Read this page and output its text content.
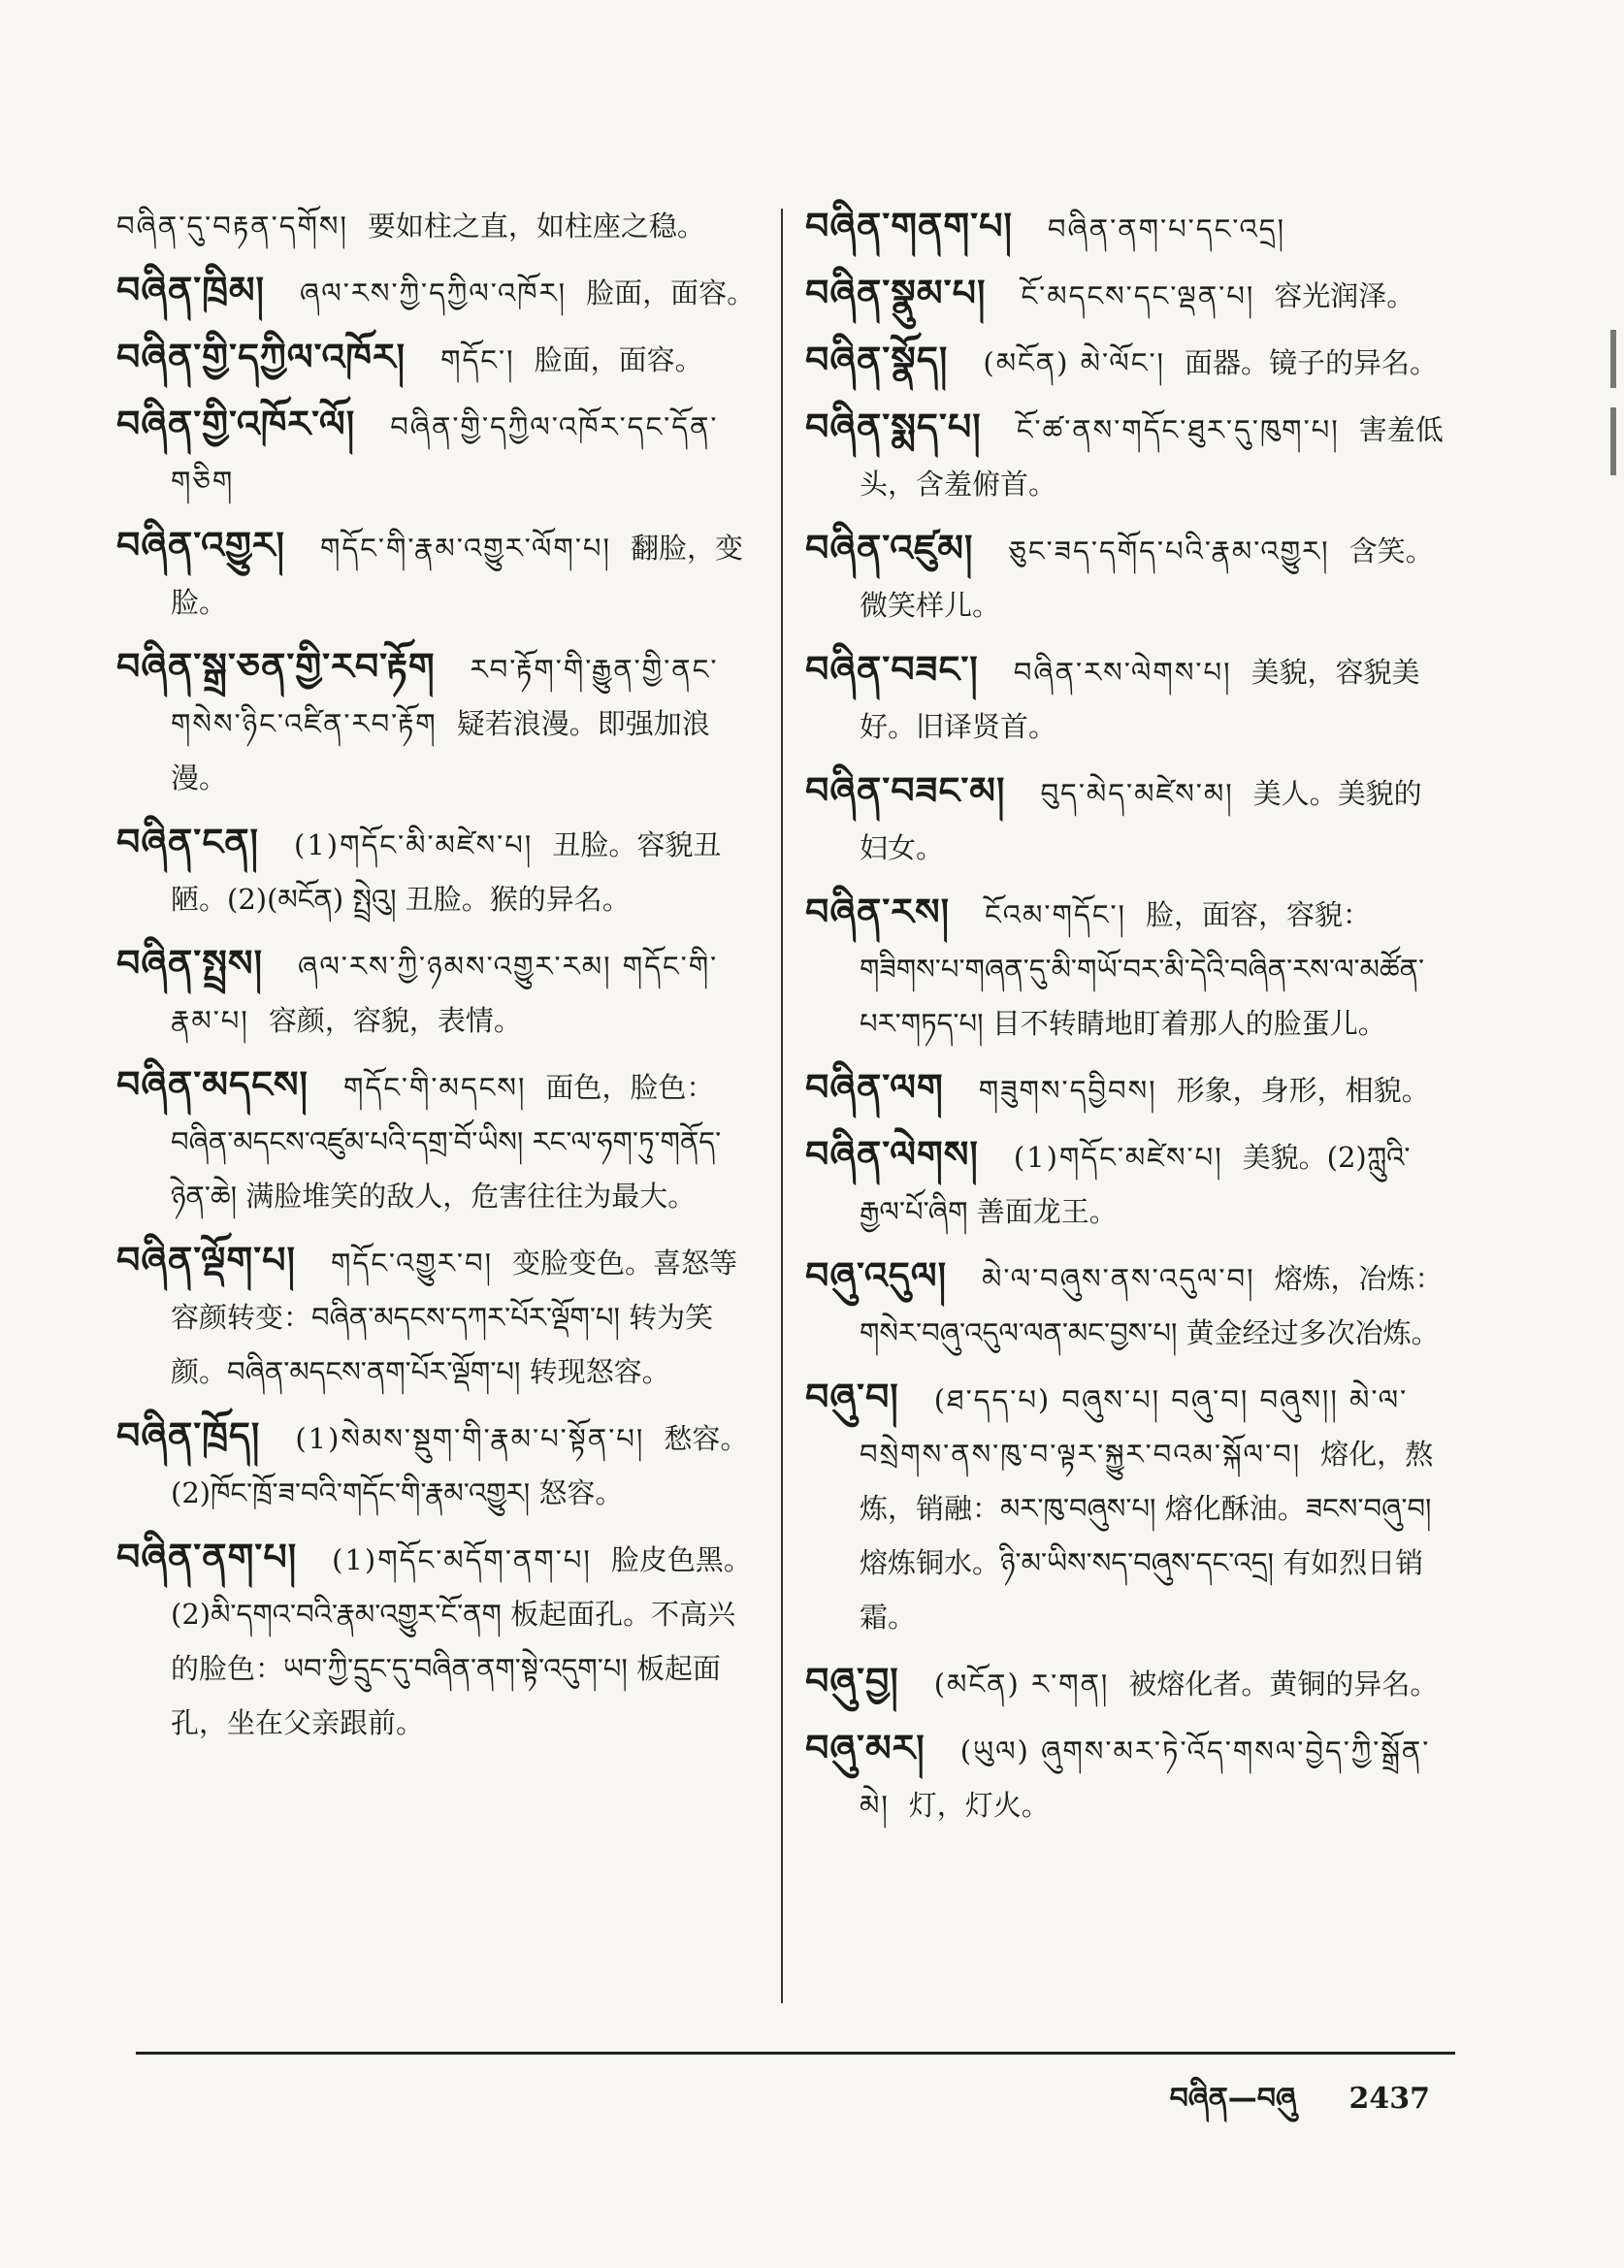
བཞིན་དུ་བརྟན་དགོས། 要如柱之直，如柱座之稳。
བཞིན་ཁྲིམ། ཞལ་རས་ཀྱི་དཀྱིལ་འཁོར། 脸面，面容。
བཞིན་གྱི་དཀྱིལ་འཁོར། གདོང་། 脸面，面容。
བཞིན་གྱི་འཁོར་ལོ། བཞིན་གྱི་དཀྱིལ་འཁོར་དང་དོན་གཅིག
བཞིན་འགྱུར། གདོང་གི་རྣམ་འགྱུར་ལོག་པ། 翻脸，变脸。
བཞིན་སྒྲ་ཅན་གྱི་རབ་རྟོག རབ་རྟོག་གི་རྒྱུན་གྱི་ནང་གསེས་ཉིང་འཛིན་རབ་རྟོག 疑若浪漫。即强加浪漫。
བཞིན་ངན། (1)གདོང་མི་མཛེས་པ། 丑脸。容貌丑陋。(2)(མངོན) སྤྲེའུ། 丑脸。猴的异名。
བཞིན་སྤྲས། ཞལ་རས་ཀྱི་ཉམས་འགྱུར་རམ། གདོང་གི་རྣམ་པ། 容颜，容貌，表情。
བཞིན་མདངས། གདོང་གི་མདངས། 面色，脸色：བཞིན་མདངས་འཛུམ་པའི་དགྲ་བོ་ཡིས། རང་ལ་ཧག་ཏུ་གནོད་ཉེན་ཆེ། 满脸堆笑的敌人，危害往往为最大。
བཞིན་ལྡོག་པ། གདོང་འགྱུར་བ། 变脸变色。喜怒等容颜转变：བཞིན་མདངས་དཀར་པོར་ལྡོག་པ། 转为笑颜。བཞིན་མདངས་ནག་པོར་ལྡོག་པ། 转现怒容。
བཞིན་ཁྲོད། (1)སེམས་སྡུག་གི་རྣམ་པ་སྟོན་པ། 愁容。(2)ཁོང་ཁྲོ་ཟ་བའི་གདོང་གི་རྣམ་འགྱུར། 怒容。
བཞིན་ནག་པ། (1)གདོང་མདོག་ནག་པ། 脸皮色黑。(2)མི་དགའ་བའི་རྣམ་འགྱུར་ངོ་ནག 板起面孔。不高兴的脸色：ཡབ་ཀྱི་དྲུང་དུ་བཞིན་ནག་སྟེ་འདུག་པ། 板起面孔，坐在父亲跟前。
བཞིན་གནག་པ། བཞིན་ནག་པ་དང་འདྲ།
བཞིན་སྣུམ་པ། ངོ་མདངས་དང་ལྡན་པ། 容光润泽。
བཞིན་སྣོད། (མངོན) མེ་ལོང་། 面器。镜子的异名。
བཞིན་སྨད་པ། ངོ་ཚ་ནས་གདོང་ཐུར་དུ་ཁུག་པ། 害羞低头，含羞俯首。
བཞིན་འཛུམ། ཅུང་ཟད་དགོད་པའི་རྣམ་འགྱུར། 含笑。微笑样儿。
བཞིན་བཟང་། བཞིན་རས་ལེགས་པ། 美貌，容貌美好。旧译贤首。
བཞིན་བཟང་མ། བུད་མེད་མཛེས་མ། 美人。美貌的妇女。
བཞིན་རས། ངོའམ་གདོང་། 脸，面容，容貌：གཟིགས་པ་གཞན་དུ་མི་གཡོ་བར་མི་དེའི་བཞིན་རས་ལ་མཚོན་པར་གཏད་པ། 目不转睛地盯着那人的脸蛋儿。
བཞིན་ལག གཟུགས་དབྱིབས། 形象，身形，相貌。
བཞིན་ལེགས། (1)གདོང་མཛེས་པ། 美貌。(2)ཀླུའི་རྒྱལ་པོ་ཞིག 善面龙王。
བཞུ་འདུལ། མེ་ལ་བཞུས་ནས་འདུལ་བ། 熔炼，冶炼：གསེར་བཞུ་འདུལ་ལན་མང་བྱས་པ། 黄金经过多次冶炼。
བཞུ་བ། (ཐ་དད་པ) བཞུས་པ། བཞུ་བ། བཞུས།། མེ་ལ་བསྲེགས་ནས་ཁུ་བ་ལྟར་སྐྱུར་བའམ་སྐོལ་བ། 熔化，熬炼，销融：མར་ཁུ་བཞུས་པ། 熔化酥油。ཟངས་བཞུ་བ། 熔炼铜水。ཉི་མ་ཡིས་སད་བཞུས་དང་འདྲ། 有如烈日销霜。
བཞུ་བྱ། (མངོན) ར་གན། 被熔化者。黄铜的异名。
བཞུ་མར། (ཡུལ) ཞུགས་མར་ཏེ་འོད་གསལ་བྱེད་ཀྱི་སྒྲོན་མེ། 灯，灯火。
བཞིན—བཞུ 2437
